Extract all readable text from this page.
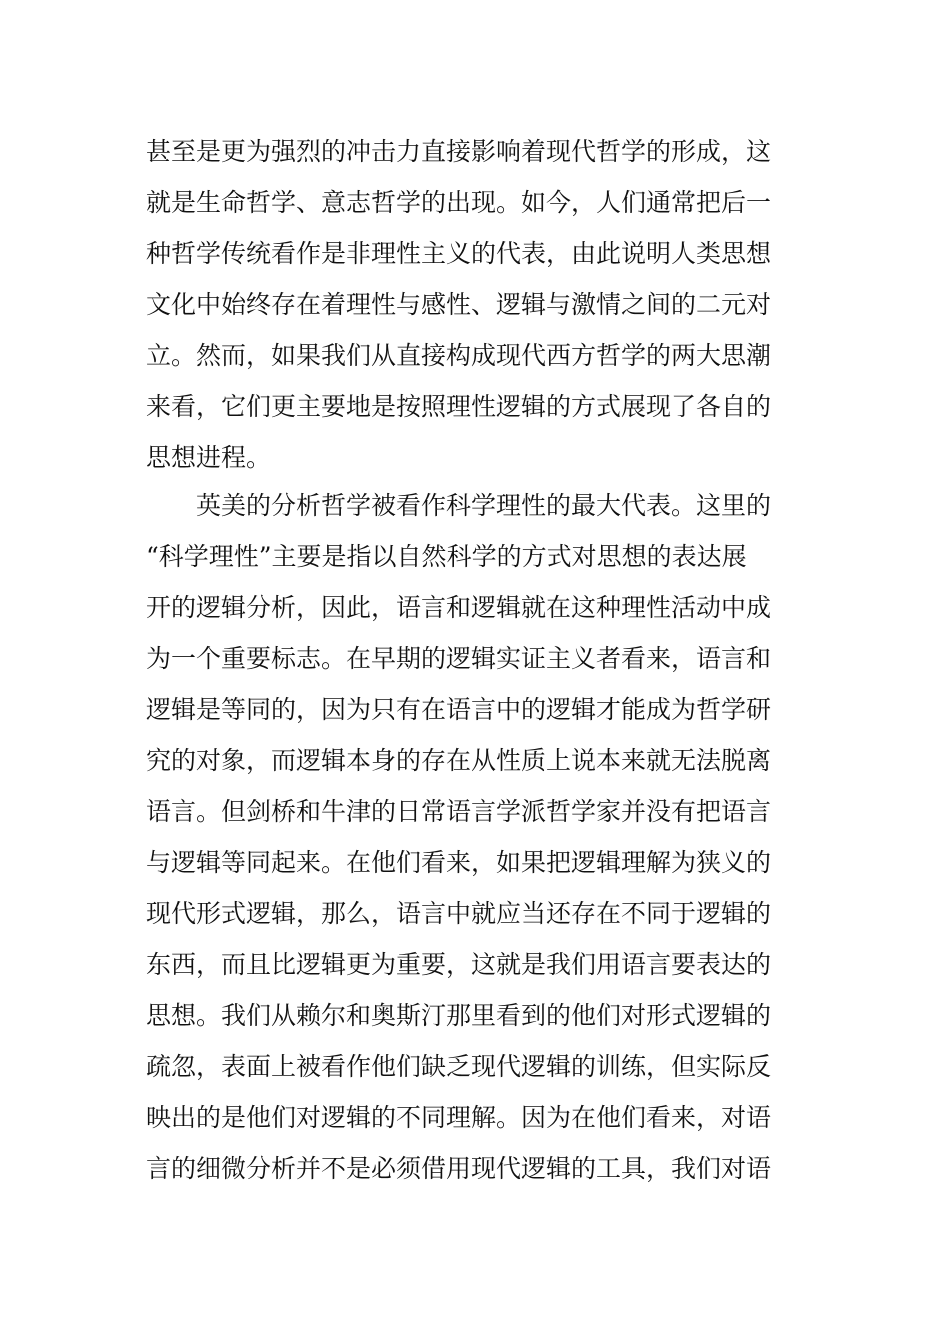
甚至是更为强烈的冲击力直接影响着现代哲学的形成，这
就是生命哲学、意志哲学的出现。如今，人们通常把后一
种哲学传统看作是非理性主义的代表，由此说明人类思想
文化中始终存在着理性与感性、逻辑与激情之间的二元对
立。然而，如果我们从直接构成现代西方哲学的两大思潮
来看，它们更主要地是按照理性逻辑的方式展现了各自的
思想进程。
　　英美的分析哲学被看作科学理性的最大代表。这里的
“科学理性”主要是指以自然科学的方式对思想的表达展
开的逻辑分析，因此，语言和逻辑就在这种理性活动中成
为一个重要标志。在早期的逻辑实证主义者看来，语言和
逻辑是等同的，因为只有在语言中的逻辑才能成为哲学研
究的对象，而逻辑本身的存在从性质上说本来就无法脱离
语言。但剑桥和牛津的日常语言学派哲学家并没有把语言
与逻辑等同起来。在他们看来，如果把逻辑理解为狭义的
现代形式逻辑，那么，语言中就应当还存在不同于逻辑的
东西，而且比逻辑更为重要，这就是我们用语言要表达的
思想。我们从赖尔和奥斯汀那里看到的他们对形式逻辑的
疏忽，表面上被看作他们缺乏现代逻辑的训练，但实际反
映出的是他们对逻辑的不同理解。因为在他们看来，对语
言的细微分析并不是必须借用现代逻辑的工具，我们对语
